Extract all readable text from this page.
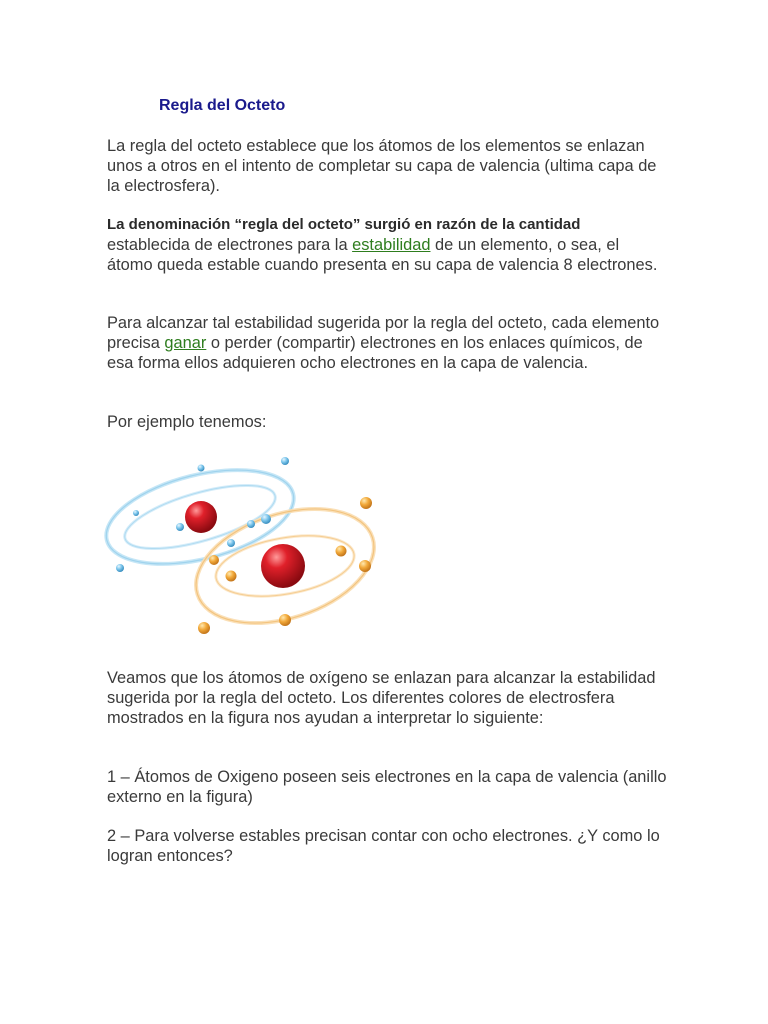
Regla del Octeto

La regla del octeto establece que los átomos de los elementos se enlazan unos a otros en el intento de completar su capa de valencia (ultima capa de la electrosfera).

La denominación “regla del octeto” surgió en razón de la cantidad establecida de electrones para la estabilidad de un elemento, o sea, el átomo queda estable cuando presenta en su capa de valencia 8 electrones.

Para alcanzar tal estabilidad sugerida por la regla del octeto, cada elemento precisa ganar o perder (compartir) electrones en los enlaces químicos, de esa forma ellos adquieren ocho electrones en la capa de valencia.

Por ejemplo tenemos:

Veamos que los átomos de oxígeno se enlazan para alcanzar la estabilidad sugerida por la regla del octeto. Los diferentes colores de electrosfera mostrados en la figura nos ayudan a interpretar lo siguiente:

1 – Átomos de Oxigeno poseen seis electrones en la capa de valencia (anillo externo en la figura)

2 – Para volverse estables precisan contar con ocho electrones. ¿Y como lo logran entonces?
